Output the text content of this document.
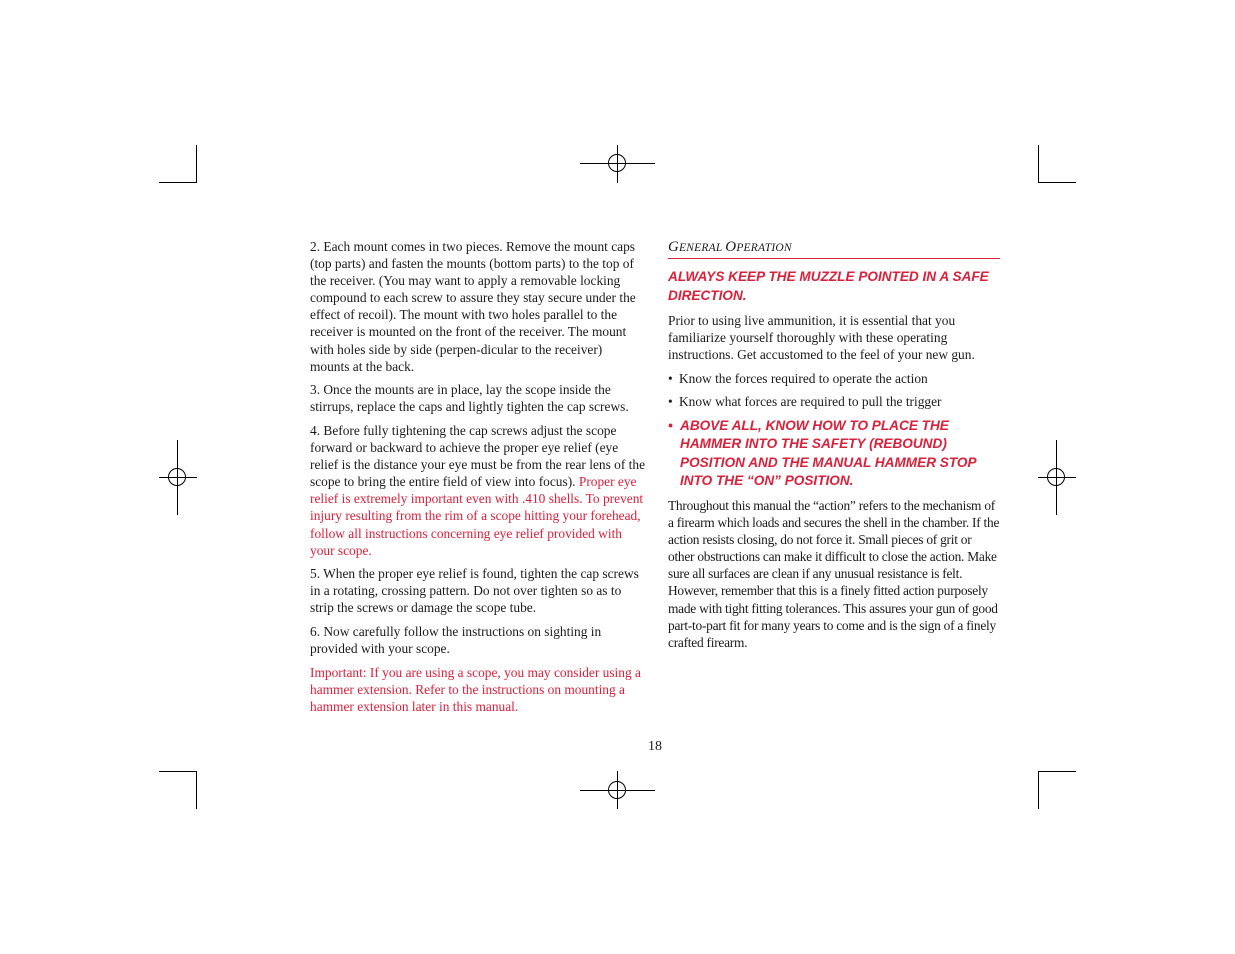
2. Each mount comes in two pieces. Remove the mount caps (top parts) and fasten the mounts (bottom parts) to the top of the receiver. (You may want to apply a removable locking compound to each screw to assure they stay secure under the effect of recoil). The mount with two holes parallel to the receiver is mounted on the front of the receiver. The mount with holes side by side (perpen-dicular to the receiver) mounts at the back.

3. Once the mounts are in place, lay the scope inside the stirrups, replace the caps and lightly tighten the cap screws.

4. Before fully tightening the cap screws adjust the scope forward or backward to achieve the proper eye relief (eye relief is the distance your eye must be from the rear lens of the scope to bring the entire field of view into focus). Proper eye relief is extremely important even with .410 shells. To prevent injury resulting from the rim of a scope hitting your forehead, follow all instructions concerning eye relief provided with your scope.

5. When the proper eye relief is found, tighten the cap screws in a rotating, crossing pattern. Do not over tighten so as to strip the screws or damage the scope tube.

6. Now carefully follow the instructions on sighting in provided with your scope.

Important: If you are using a scope, you may consider using a hammer extension. Refer to the instructions on mounting a hammer extension later in this manual.

GENERAL OPERATION
ALWAYS KEEP THE MUZZLE POINTED IN A SAFE DIRECTION.

Prior to using live ammunition, it is essential that you familiarize yourself thoroughly with these operating instructions. Get accustomed to the feel of your new gun.

• Know the forces required to operate the action
• Know what forces are required to pull the trigger
• ABOVE ALL, KNOW HOW TO PLACE THE HAMMER INTO THE SAFETY (REBOUND) POSITION AND THE MANUAL HAMMER STOP INTO THE “ON” POSITION.

Throughout this manual the “action” refers to the mechanism of a firearm which loads and secures the shell in the chamber. If the action resists closing, do not force it. Small pieces of grit or other obstructions can make it difficult to close the action. Make sure all surfaces are clean if any unusual resistance is felt. However, remember that this is a finely fitted action purposely made with tight fitting tolerances. This assures your gun of good part-to-part fit for many years to come and is the sign of a finely crafted firearm.

18
